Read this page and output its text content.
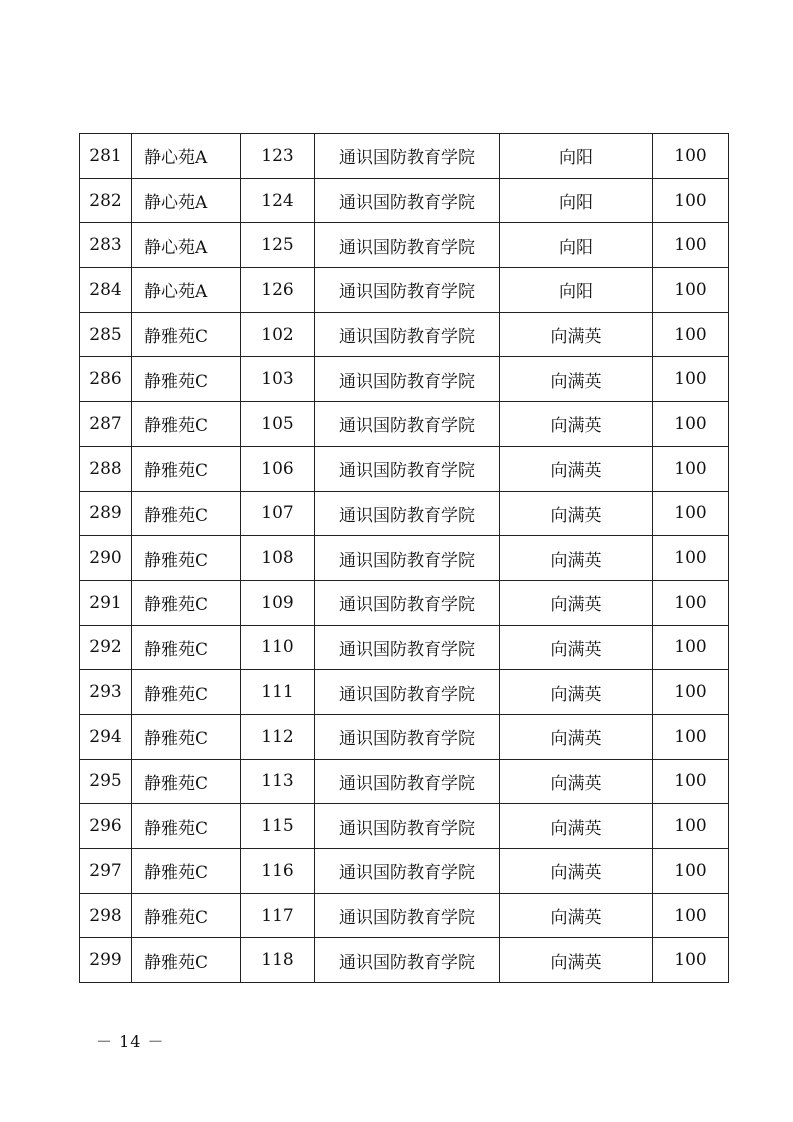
281	静心苑A	123	通识国防教育学院	向阳	100
282	静心苑A	124	通识国防教育学院	向阳	100
283	静心苑A	125	通识国防教育学院	向阳	100
284	静心苑A	126	通识国防教育学院	向阳	100
285	静雅苑C	102	通识国防教育学院	向满英	100
286	静雅苑C	103	通识国防教育学院	向满英	100
287	静雅苑C	105	通识国防教育学院	向满英	100
288	静雅苑C	106	通识国防教育学院	向满英	100
289	静雅苑C	107	通识国防教育学院	向满英	100
290	静雅苑C	108	通识国防教育学院	向满英	100
291	静雅苑C	109	通识国防教育学院	向满英	100
292	静雅苑C	110	通识国防教育学院	向满英	100
293	静雅苑C	111	通识国防教育学院	向满英	100
294	静雅苑C	112	通识国防教育学院	向满英	100
295	静雅苑C	113	通识国防教育学院	向满英	100
296	静雅苑C	115	通识国防教育学院	向满英	100
297	静雅苑C	116	通识国防教育学院	向满英	100
298	静雅苑C	117	通识国防教育学院	向满英	100
299	静雅苑C	118	通识国防教育学院	向满英	100
－ 14 －
